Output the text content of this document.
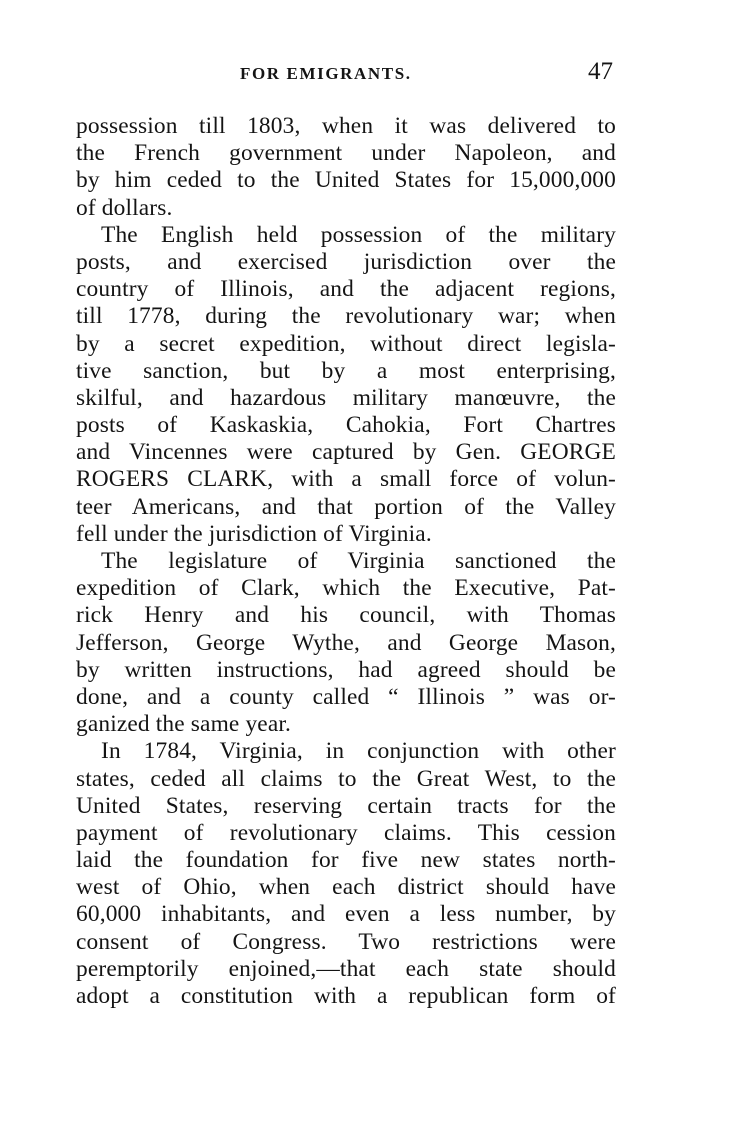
FOR EMIGRANTS.	47
possession till 1803, when it was delivered to
the French government under Napoleon, and
by him ceded to the United States for 15,000,000
of dollars.
The English held possession of the military
posts, and exercised jurisdiction over the
country of Illinois, and the adjacent regions,
till 1778, during the revolutionary war; when
by a secret expedition, without direct legisla-
tive sanction, but by a most enterprising,
skilful, and hazardous military manœuvre, the
posts of Kaskaskia, Cahokia, Fort Chartres
and Vincennes were captured by Gen. GEORGE
ROGERS CLARK, with a small force of volun-
teer Americans, and that portion of the Valley
fell under the jurisdiction of Virginia.
The legislature of Virginia sanctioned the
expedition of Clark, which the Executive, Pat-
rick Henry and his council, with Thomas
Jefferson, George Wythe, and George Mason,
by written instructions, had agreed should be
done, and a county called “ Illinois ” was or-
ganized the same year.
In 1784, Virginia, in conjunction with other
states, ceded all claims to the Great West, to the
United States, reserving certain tracts for the
payment of revolutionary claims. This cession
laid the foundation for five new states north-
west of Ohio, when each district should have
60,000 inhabitants, and even a less number, by
consent of Congress. Two restrictions were
peremptorily enjoined,—that each state should
adopt a constitution with a republican form of
